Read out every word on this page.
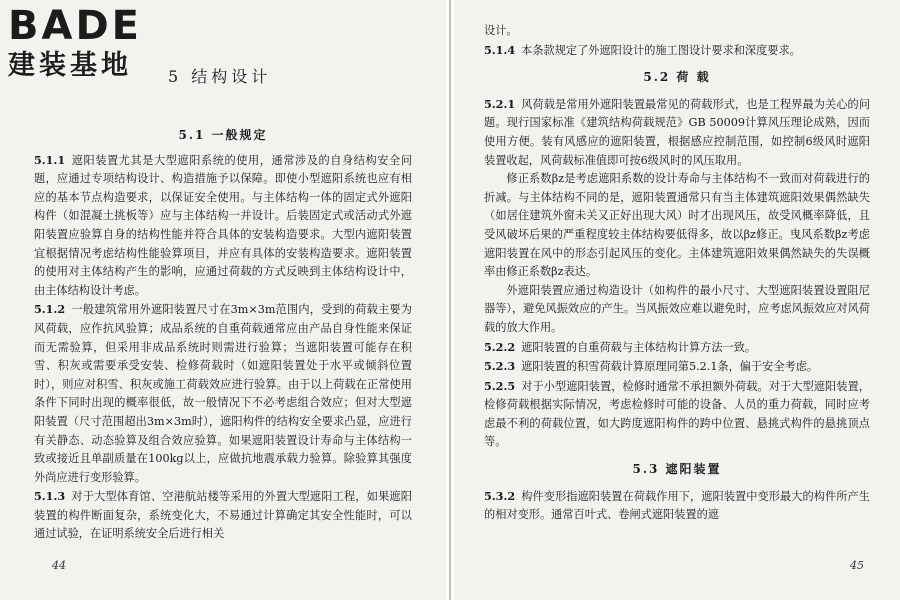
BADE
建装基地	5 结构设计
5.1 一般规定

5.1.1 遮阳装置尤其是大型遮阳系统的使用，通常涉及的自身结构安全问题，应通过专项结构设计、构造措施予以保障。即使小型遮阳系统也应有相应的基本节点构造要求，以保证安全使用。与主体结构一体的固定式外遮阳构件（如混凝土挑板等）应与主体结构一并设计。后装固定式或活动式外遮阳装置应验算自身的结构性能并符合具体的安装构造要求。大型内遮阳装置宜根据情况考虑结构性能验算项目，并应有具体的安装构造要求。遮阳装置的使用对主体结构产生的影响，应通过荷载的方式反映到主体结构设计中，由主体结构设计考虑。

5.1.2 一般建筑常用外遮阳装置尺寸在3m×3m范围内，受到的荷载主要为风荷载，应作抗风验算；成品系统的自重荷载通常应由产品自身性能来保证而无需验算，但采用非成品系统时则需进行验算；当遮阳装置可能存在积雪、积灰或需要承受安装、检修荷载时（如遮阳装置处于水平或倾斜位置时），则应对积雪、积灰或施工荷载效应进行验算。由于以上荷载在正常使用条件下同时出现的概率很低，故一般情况下不必考虑组合效应；但对大型遮阳装置（尺寸范围超出3m×3m时），遮阳构件的结构安全要求凸显，应进行有关静态、动态验算及组合效应验算。如果遮阳装置设计寿命与主体结构一致或接近且单副质量在100kg以上，应做抗地震承载力验算。除验算其强度外尚应进行变形验算。

5.1.3 对于大型体育馆、空港航站楼等采用的外置大型遮阳工程，如果遮阳装置的构件断面复杂，系统变化大，不易通过计算确定其安全性能时，可以通过试验，在证明系统安全后进行相关

44

设计。

5.1.4 本条款规定了外遮阳设计的施工图设计要求和深度要求。

5.2 荷 载

5.2.1 风荷载是常用外遮阳装置最常见的荷载形式，也是工程界最为关心的问题。现行国家标准《建筑结构荷载规范》GB 50009计算风压理论成熟，因而使用方便。装有风感应的遮阳装置，根据感应控制范围，如控制6级风时遮阳装置收起，风荷载标准值即可按6级风时的风压取用。

修正系数βz是考虑遮阳系数的设计寿命与主体结构不一致而对荷载进行的折减。与主体结构不同的是，遮阳装置通常只有当主体建筑遮阳效果偶然缺失（如居住建筑外窗未关又正好出现大风）时才出现风压，故受风概率降低，且受风破坏后果的严重程度较主体结构要低得多，故以βz修正。曳风系数βz考虑遮阳装置在风中的形态引起风压的变化。主体建筑遮阳效果偶然缺失的失误概率由修正系数βz表达。

外遮阳装置应通过构造设计（如构件的最小尺寸、大型遮阳装置设置阻尼器等），避免风振效应的产生。当风振效应难以避免时，应考虑风振效应对风荷载的放大作用。

5.2.2 遮阳装置的自重荷载与主体结构计算方法一致。

5.2.3 遮阳装置的积雪荷载计算原理同第5.2.1条，偏于安全考虑。

5.2.5 对于小型遮阳装置，检修时通常不承担额外荷载。对于大型遮阳装置，检修荷载根据实际情况，考虑检修时可能的设备、人员的重力荷载，同时应考虑最不利的荷载位置，如大跨度遮阳构件的跨中位置、悬挑式构件的悬挑顶点等。

5.3 遮阳装置

5.3.2 构件变形指遮阳装置在荷载作用下，遮阳装置中变形最大的构件所产生的相对变形。通常百叶式、卷闸式遮阳装置的遮

45
